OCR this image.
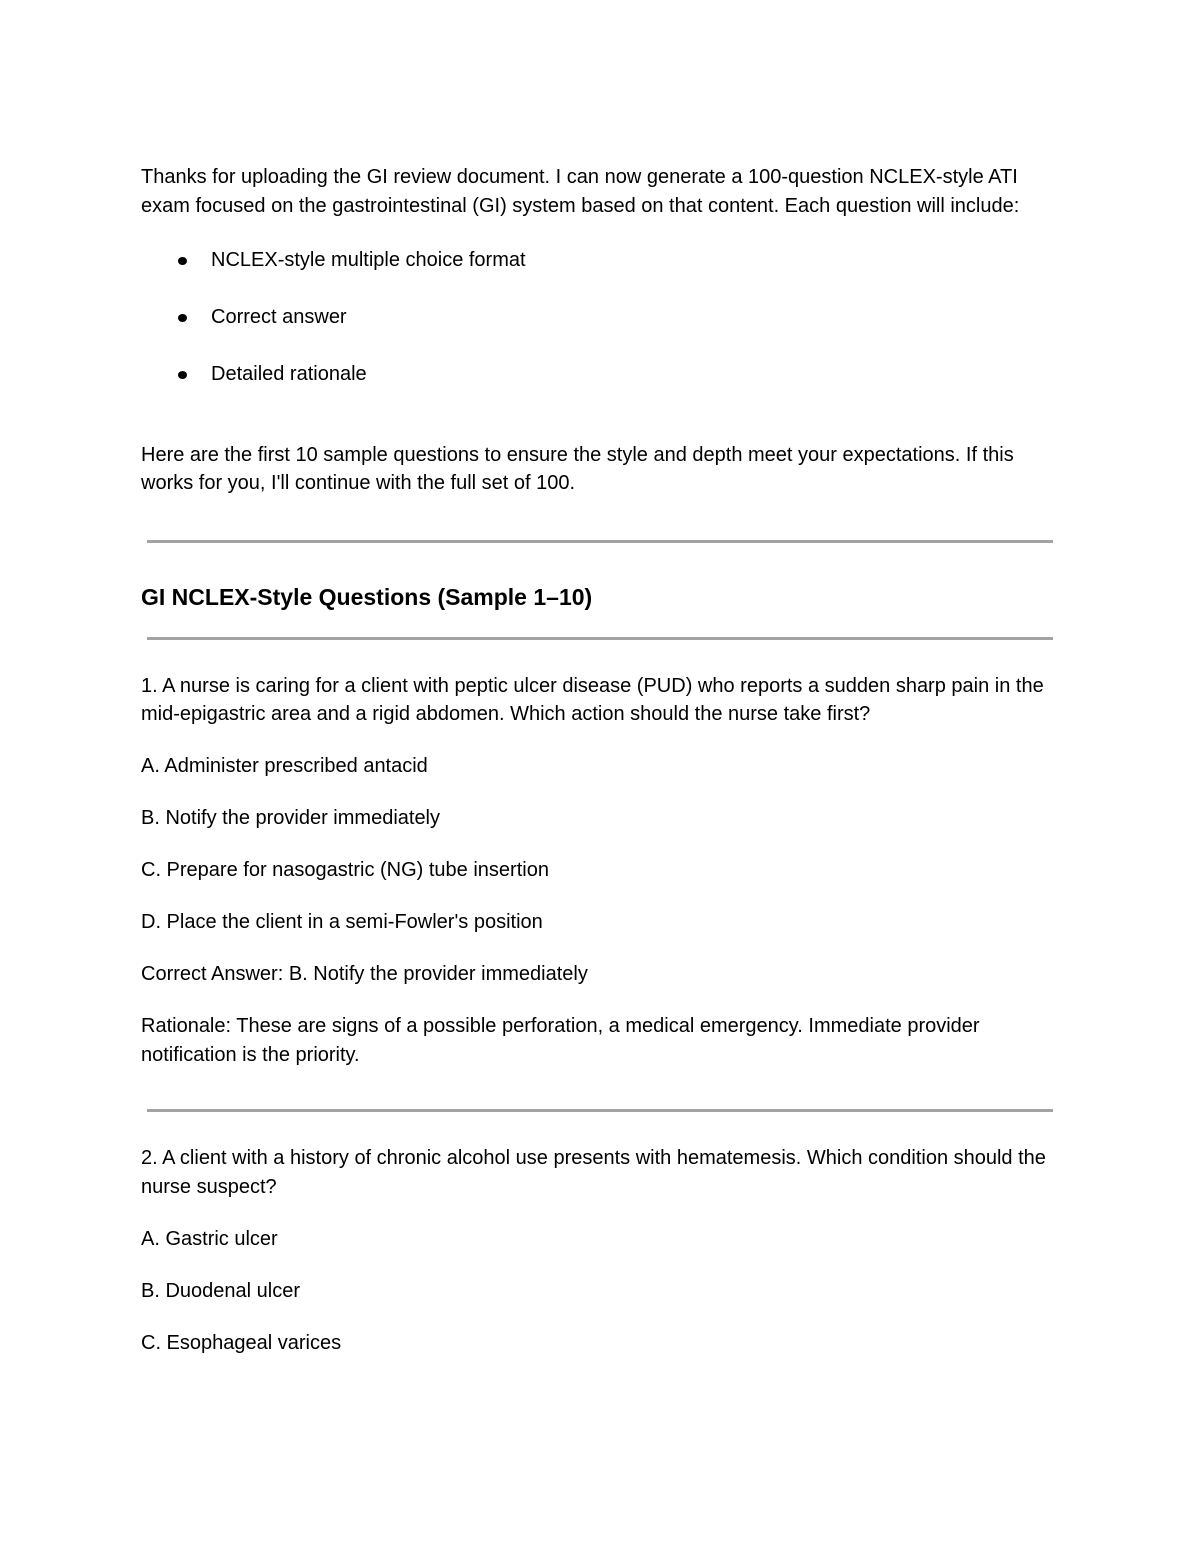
Thanks for uploading the GI review document. I can now generate a 100-question NCLEX-style ATI exam focused on the gastrointestinal (GI) system based on that content. Each question will include:

NCLEX-style multiple choice format
Correct answer
Detailed rationale

Here are the first 10 sample questions to ensure the style and depth meet your expectations. If this works for you, I'll continue with the full set of 100.

GI NCLEX-Style Questions (Sample 1–10)

1. A nurse is caring for a client with peptic ulcer disease (PUD) who reports a sudden sharp pain in the mid-epigastric area and a rigid abdomen. Which action should the nurse take first?

A. Administer prescribed antacid

B. Notify the provider immediately

C. Prepare for nasogastric (NG) tube insertion

D. Place the client in a semi-Fowler's position

Correct Answer: B. Notify the provider immediately

Rationale: These are signs of a possible perforation, a medical emergency. Immediate provider notification is the priority.

2. A client with a history of chronic alcohol use presents with hematemesis. Which condition should the nurse suspect?

A. Gastric ulcer

B. Duodenal ulcer

C. Esophageal varices
